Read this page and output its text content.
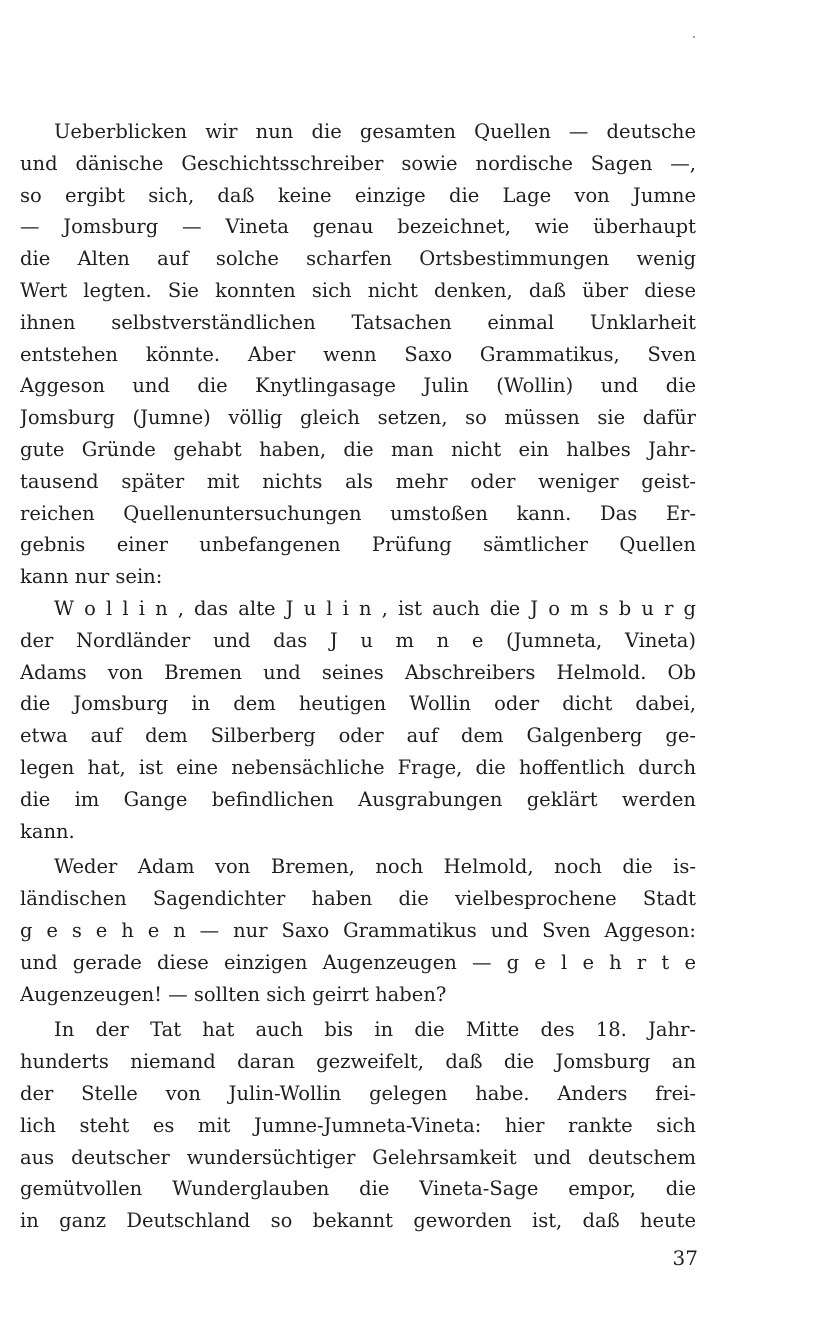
Ueberblicken wir nun die gesamten Quellen — deutsche
und dänische Geschichtsschreiber sowie nordische Sagen —,
so ergibt sich, daß keine einzige die Lage von Jumne
— Jomsburg — Vineta genau bezeichnet, wie überhaupt
die Alten auf solche scharfen Ortsbestimmungen wenig
Wert legten. Sie konnten sich nicht denken, daß über diese
ihnen selbstverständlichen Tatsachen einmal Unklarheit
entstehen könnte. Aber wenn Saxo Grammatikus, Sven
Aggeson und die Knytlingasage Julin (Wollin) und die
Jomsburg (Jumne) völlig gleich setzen, so müssen sie dafür
gute Gründe gehabt haben, die man nicht ein halbes Jahr-
tausend später mit nichts als mehr oder weniger geist-
reichen Quellenuntersuchungen umstoßen kann. Das Er-
gebnis einer unbefangenen Prüfung sämtlicher Quellen
kann nur sein:
W o l l i n , das alte J u l i n , ist auch die J o m s b u r g
der Nordländer und das J u m n e (Jumneta, Vineta)
Adams von Bremen und seines Abschreibers Helmold. Ob
die Jomsburg in dem heutigen Wollin oder dicht dabei,
etwa auf dem Silberberg oder auf dem Galgenberg ge-
legen hat, ist eine nebensächliche Frage, die hoffentlich durch
die im Gange befindlichen Ausgrabungen geklärt werden
kann.
Weder Adam von Bremen, noch Helmold, noch die is-
ländischen Sagendichter haben die vielbesprochene Stadt
g e s e h e n — nur Saxo Grammatikus und Sven Aggeson:
und gerade diese einzigen Augenzeugen — g e l e h r t e
Augenzeugen! — sollten sich geirrt haben?
In der Tat hat auch bis in die Mitte des 18. Jahr-
hunderts niemand daran gezweifelt, daß die Jomsburg an
der Stelle von Julin-Wollin gelegen habe. Anders frei-
lich steht es mit Jumne-Jumneta-Vineta: hier rankte sich
aus deutscher wundersüchtiger Gelehrsamkeit und deutschem
gemütvollen Wunderglauben die Vineta-Sage empor, die
in ganz Deutschland so bekannt geworden ist, daß heute
37
